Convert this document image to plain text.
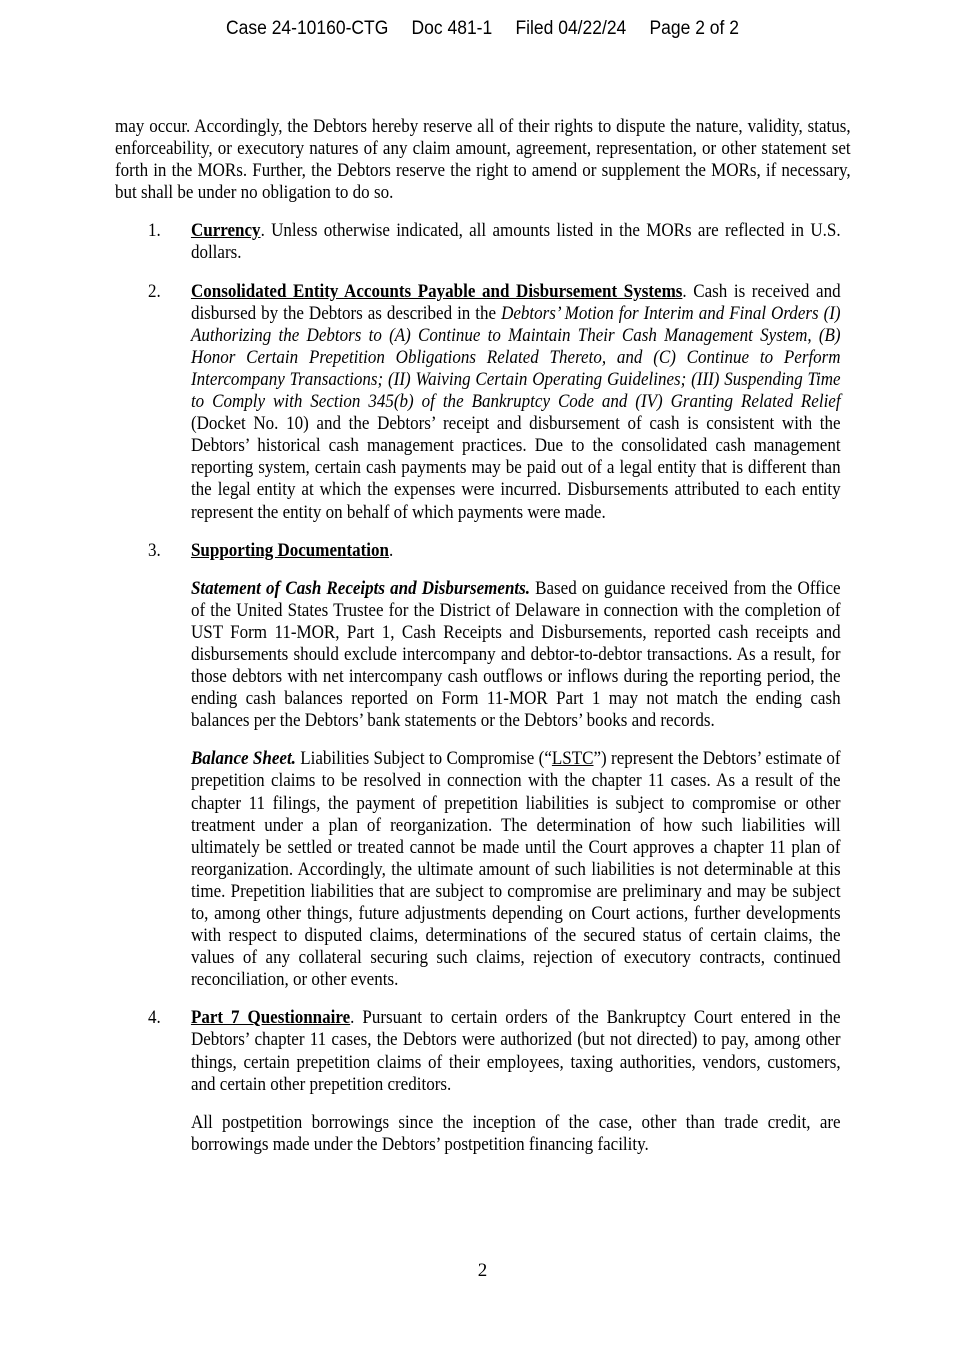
Case 24-10160-CTG Doc 481-1 Filed 04/22/24 Page 2 of 2

may occur. Accordingly, the Debtors hereby reserve all of their rights to dispute the nature, validity, status, enforceability, or executory natures of any claim amount, agreement, representation, or other statement set forth in the MORs. Further, the Debtors reserve the right to amend or supplement the MORs, if necessary, but shall be under no obligation to do so.

1. Currency. Unless otherwise indicated, all amounts listed in the MORs are reflected in U.S. dollars.

2. Consolidated Entity Accounts Payable and Disbursement Systems. Cash is received and disbursed by the Debtors as described in the Debtors’ Motion for Interim and Final Orders (I) Authorizing the Debtors to (A) Continue to Maintain Their Cash Management System, (B) Honor Certain Prepetition Obligations Related Thereto, and (C) Continue to Perform Intercompany Transactions; (II) Waiving Certain Operating Guidelines; (III) Suspending Time to Comply with Section 345(b) of the Bankruptcy Code and (IV) Granting Related Relief (Docket No. 10) and the Debtors’ receipt and disbursement of cash is consistent with the Debtors’ historical cash management practices. Due to the consolidated cash management reporting system, certain cash payments may be paid out of a legal entity that is different than the legal entity at which the expenses were incurred. Disbursements attributed to each entity represent the entity on behalf of which payments were made.

3. Supporting Documentation.

Statement of Cash Receipts and Disbursements. Based on guidance received from the Office of the United States Trustee for the District of Delaware in connection with the completion of UST Form 11-MOR, Part 1, Cash Receipts and Disbursements, reported cash receipts and disbursements should exclude intercompany and debtor-to-debtor transactions. As a result, for those debtors with net intercompany cash outflows or inflows during the reporting period, the ending cash balances reported on Form 11-MOR Part 1 may not match the ending cash balances per the Debtors’ bank statements or the Debtors’ books and records.

Balance Sheet. Liabilities Subject to Compromise (“LSTC”) represent the Debtors’ estimate of prepetition claims to be resolved in connection with the chapter 11 cases. As a result of the chapter 11 filings, the payment of prepetition liabilities is subject to compromise or other treatment under a plan of reorganization. The determination of how such liabilities will ultimately be settled or treated cannot be made until the Court approves a chapter 11 plan of reorganization. Accordingly, the ultimate amount of such liabilities is not determinable at this time. Prepetition liabilities that are subject to compromise are preliminary and may be subject to, among other things, future adjustments depending on Court actions, further developments with respect to disputed claims, determinations of the secured status of certain claims, the values of any collateral securing such claims, rejection of executory contracts, continued reconciliation, or other events.

4. Part 7 Questionnaire. Pursuant to certain orders of the Bankruptcy Court entered in the Debtors’ chapter 11 cases, the Debtors were authorized (but not directed) to pay, among other things, certain prepetition claims of their employees, taxing authorities, vendors, customers, and certain other prepetition creditors.

All postpetition borrowings since the inception of the case, other than trade credit, are borrowings made under the Debtors’ postpetition financing facility.

2
